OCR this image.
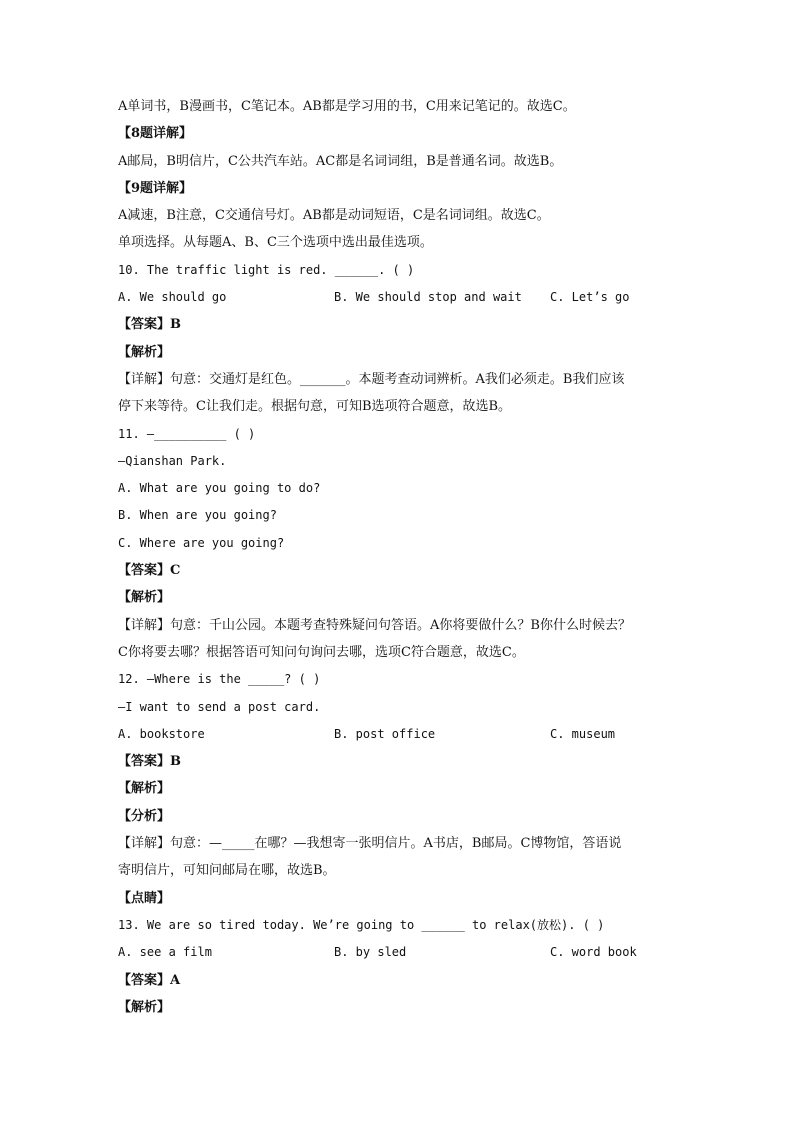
A单词书，B漫画书，C笔记本。AB都是学习用的书，C用来记笔记的。故选C。
【8题详解】
A邮局，B明信片，C公共汽车站。AC都是名词词组，B是普通名词。故选B。
【9题详解】
A减速，B注意，C交通信号灯。AB都是动词短语，C是名词词组。故选C。
单项选择。从每题A、B、C三个选项中选出最佳选项。
10. The traffic light is red. ______. ( )
A. We should go	B. We should stop and wait	C. Let’s go
【答案】B
【解析】
【详解】句意：交通灯是红色。_______。本题考查动词辨析。A我们必须走。B我们应该
停下来等待。C让我们走。根据句意，可知B选项符合题意，故选B。
11. —__________ ( )
—Qianshan Park.
A. What are you going to do?
B. When are you going?
C. Where are you going?
【答案】C
【解析】
【详解】句意：千山公园。本题考查特殊疑问句答语。A你将要做什么？B你什么时候去？
C你将要去哪？根据答语可知问句询问去哪，选项C符合题意，故选C。
12. —Where is the _____? ( )
—I want to send a post card.
A. bookstore	B. post office	C. museum
【答案】B
【解析】
【分析】
【详解】句意：—_____在哪？—我想寄一张明信片。A书店，B邮局。C博物馆，答语说
寄明信片，可知问邮局在哪，故选B。
【点睛】
13. We are so tired today. We’re going to ______ to relax(放松). ( )
A. see a film	B. by sled	C. word book
【答案】A
【解析】
